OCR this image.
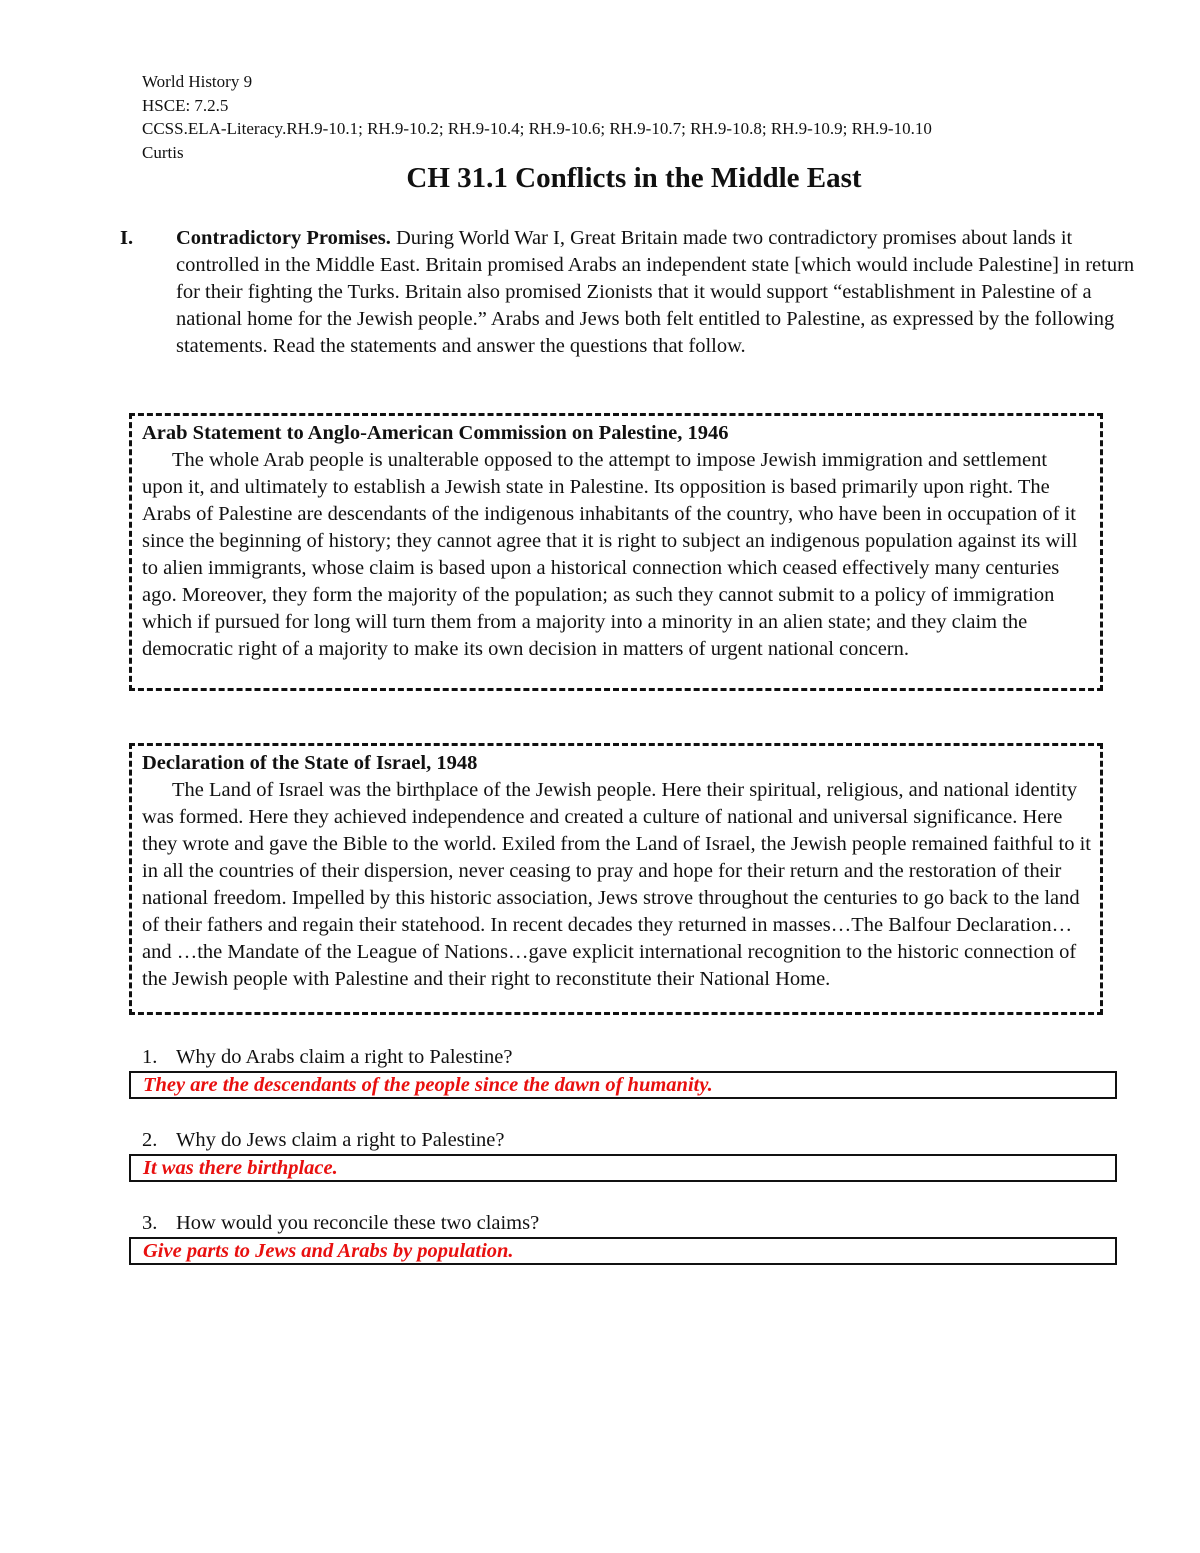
World History 9
HSCE: 7.2.5
CCSS.ELA-Literacy.RH.9-10.1; RH.9-10.2; RH.9-10.4; RH.9-10.6; RH.9-10.7; RH.9-10.8; RH.9-10.9; RH.9-10.10
Curtis
CH 31.1 Conflicts in the Middle East
I. Contradictory Promises. During World War I, Great Britain made two contradictory promises about lands it controlled in the Middle East. Britain promised Arabs an independent state [which would include Palestine] in return for their fighting the Turks. Britain also promised Zionists that it would support “establishment in Palestine of a national home for the Jewish people.” Arabs and Jews both felt entitled to Palestine, as expressed by the following statements. Read the statements and answer the questions that follow.
Arab Statement to Anglo-American Commission on Palestine, 1946
The whole Arab people is unalterable opposed to the attempt to impose Jewish immigration and settlement upon it, and ultimately to establish a Jewish state in Palestine. Its opposition is based primarily upon right. The Arabs of Palestine are descendants of the indigenous inhabitants of the country, who have been in occupation of it since the beginning of history; they cannot agree that it is right to subject an indigenous population against its will to alien immigrants, whose claim is based upon a historical connection which ceased effectively many centuries ago. Moreover, they form the majority of the population; as such they cannot submit to a policy of immigration which if pursued for long will turn them from a majority into a minority in an alien state; and they claim the democratic right of a majority to make its own decision in matters of urgent national concern.
Declaration of the State of Israel, 1948
The Land of Israel was the birthplace of the Jewish people. Here their spiritual, religious, and national identity was formed. Here they achieved independence and created a culture of national and universal significance. Here they wrote and gave the Bible to the world. Exiled from the Land of Israel, the Jewish people remained faithful to it in all the countries of their dispersion, never ceasing to pray and hope for their return and the restoration of their national freedom. Impelled by this historic association, Jews strove throughout the centuries to go back to the land of their fathers and regain their statehood. In recent decades they returned in masses…The Balfour Declaration…and …the Mandate of the League of Nations…gave explicit international recognition to the historic connection of the Jewish people with Palestine and their right to reconstitute their National Home.
1. Why do Arabs claim a right to Palestine?
They are the descendants of the people since the dawn of humanity.
2. Why do Jews claim a right to Palestine?
It was there birthplace.
3. How would you reconcile these two claims?
Give parts to Jews and Arabs by population.
